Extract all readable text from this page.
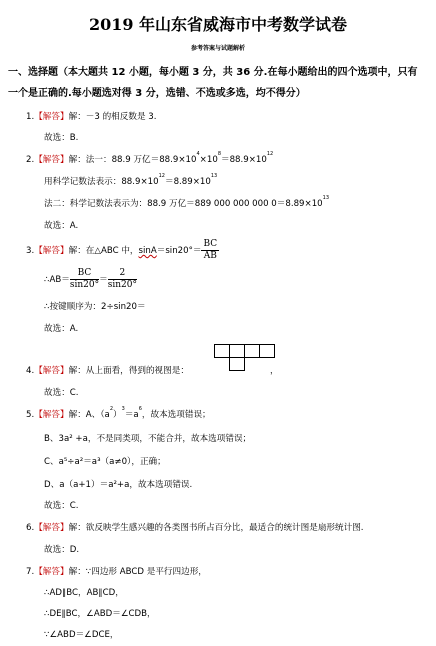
2019 年山东省威海市中考数学试卷
参考答案与试题解析
一、选择题（本大题共 12 小题，每小题 3 分，共 36 分.在每小题给出的四个选项中，只有
一个是正确的.每小题选对得 3 分，选错、不选或多选，均不得分）
1.【解答】解：－3 的相反数是 3.
故选：B.
2.【解答】解：法一：88.9 万亿$=88.9\times 10^4\times 10^8=88.9\times 10^{12}$
用科学记数法表示：$88.9\times 10^{12}=8.89\times 10^{13}$
法二：科学记数法表示为：88.9 万亿＝889 000 000 000 $0=8.89\times 10^{13}$
故选：A.
3.【解答】解：在△ABC 中，$\sin A=\sin 20^\circ= \frac{BC}{AB}$
∴AB＝ $\frac{BC}{\sin 20^\circ} = \frac{2}{\sin 20^\circ}$
∴按键顺序为：2÷sin20＝
故选：A.
4.【解答】解：从上面看，得到的视图是：	，
故选：C.
5.【解答】解：A、$(a^2)^3=a^6$，故本选项错误；
B、3a² +a，不是同类项，不能合并，故本选项错误；
C、a⁵÷a²＝a³（a≠0），正确；
D、a（a+1）＝a²+a，故本选项错误.
故选：C.
6.【解答】解：欲反映学生感兴趣的各类图书所占百分比，最适合的统计图是扇形统计图.
故选：D.
7.【解答】解：∵四边形 ABCD 是平行四边形，
∴AD∥BC，AB∥CD，
∴DE∥BC，∠ABD＝∠CDB，
∵∠ABD＝∠DCE，
